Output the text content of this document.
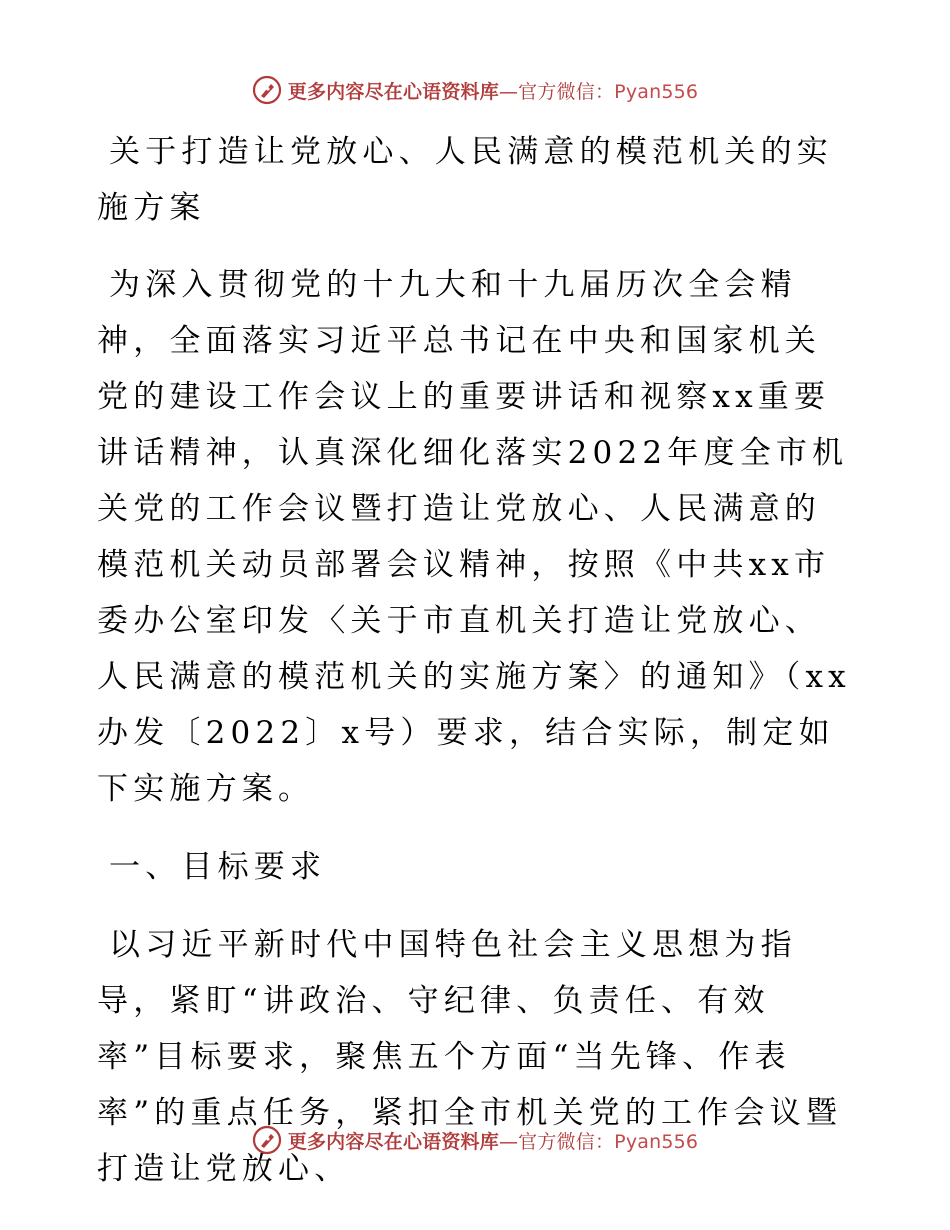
更多内容尽在心语资料库—官方微信：Pyan556

关于打造让党放心、人民满意的模范机关的实施方案

为深入贯彻党的十九大和十九届历次全会精神，全面落实习近平总书记在中央和国家机关党的建设工作会议上的重要讲话和视察xx重要讲话精神，认真深化细化落实2022年度全市机关党的工作会议暨打造让党放心、人民满意的模范机关动员部署会议精神，按照《中共xx市委办公室印发〈关于市直机关打造让党放心、人民满意的模范机关的实施方案〉的通知》（xx办发〔2022〕x号）要求，结合实际，制定如下实施方案。

一、目标要求

以习近平新时代中国特色社会主义思想为指导，紧盯“讲政治、守纪律、负责任、有效率”目标要求，聚焦五个方面“当先锋、作表率”的重点任务，紧扣全市机关党的工作会议暨打造让党放心、

更多内容尽在心语资料库—官方微信：Pyan556
